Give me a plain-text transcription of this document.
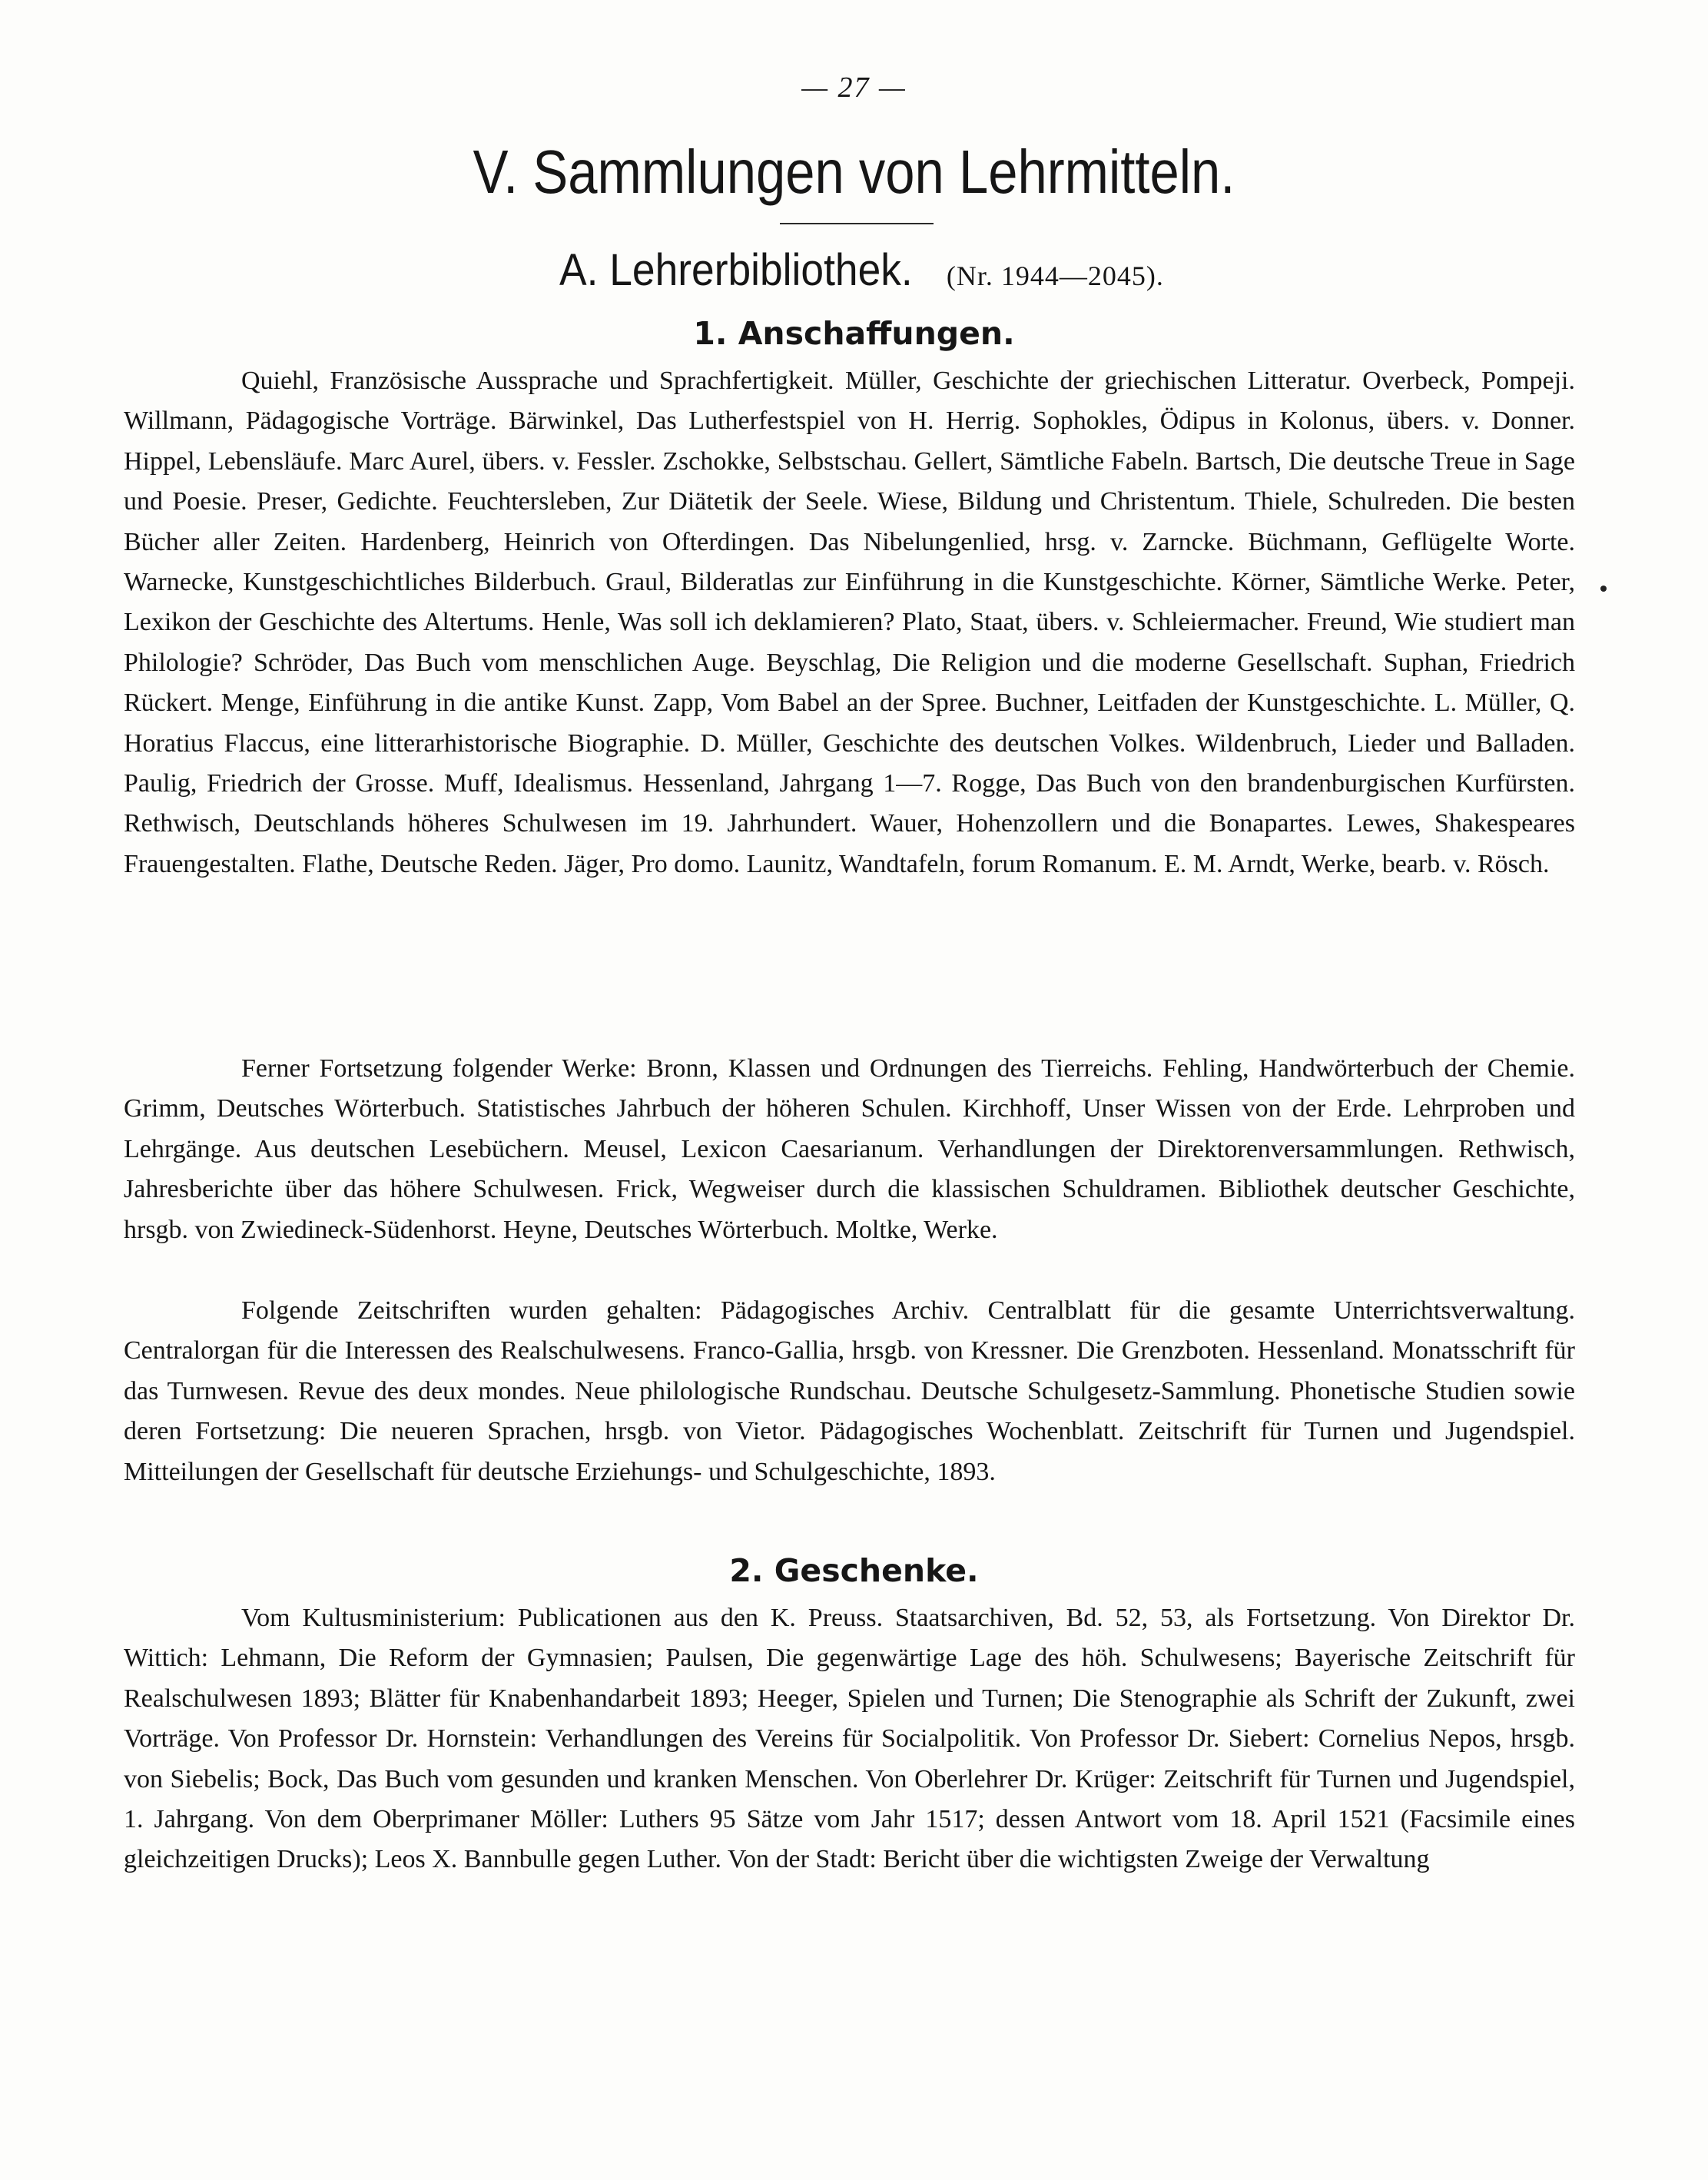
— 27 —
V. Sammlungen von Lehrmitteln.
A. Lehrerbibliothek. (Nr. 1944—2045).
1. Anschaffungen.

Quiehl, Französische Aussprache und Sprachfertigkeit. Müller, Geschichte der griechischen Litteratur. Overbeck, Pompeji. Willmann, Pädagogische Vorträge. Bärwinkel, Das Lutherfestspiel von H. Herrig. Sophokles, Ödipus in Kolonus, übers. v. Donner. Hippel, Lebensläufe. Marc Aurel, übers. v. Fessler. Zschokke, Selbstschau. Gellert, Sämtliche Fabeln. Bartsch, Die deutsche Treue in Sage und Poesie. Preser, Gedichte. Feuchtersleben, Zur Diätetik der Seele. Wiese, Bildung und Christentum. Thiele, Schulreden. Die besten Bücher aller Zeiten. Hardenberg, Heinrich von Ofterdingen. Das Nibelungenlied, hrsg. v. Zarncke. Büchmann, Geflügelte Worte. Warnecke, Kunstgeschichtliches Bilderbuch. Graul, Bilderatlas zur Einführung in die Kunstgeschichte. Körner, Sämtliche Werke. Peter, Lexikon der Geschichte des Altertums. Henle, Was soll ich deklamieren? Plato, Staat, übers. v. Schleiermacher. Freund, Wie studiert man Philologie? Schröder, Das Buch vom menschlichen Auge. Beyschlag, Die Religion und die moderne Gesellschaft. Suphan, Friedrich Rückert. Menge, Einführung in die antike Kunst. Zapp, Vom Babel an der Spree. Buchner, Leitfaden der Kunstgeschichte. L. Müller, Q. Horatius Flaccus, eine litterarhistorische Biographie. D. Müller, Geschichte des deutschen Volkes. Wildenbruch, Lieder und Balladen. Paulig, Friedrich der Grosse. Muff, Idealismus. Hessenland, Jahrgang 1—7. Rogge, Das Buch von den brandenburgischen Kurfürsten. Rethwisch, Deutschlands höheres Schulwesen im 19. Jahrhundert. Wauer, Hohenzollern und die Bonapartes. Lewes, Shakespeares Frauengestalten. Flathe, Deutsche Reden. Jäger, Pro domo. Launitz, Wandtafeln, forum Romanum. E. M. Arndt, Werke, bearb. v. Rösch.

Ferner Fortsetzung folgender Werke: Bronn, Klassen und Ordnungen des Tierreichs. Fehling, Handwörterbuch der Chemie. Grimm, Deutsches Wörterbuch. Statistisches Jahrbuch der höheren Schulen. Kirchhoff, Unser Wissen von der Erde. Lehrproben und Lehrgänge. Aus deutschen Lesebüchern. Meusel, Lexicon Caesarianum. Verhandlungen der Direktorenversammlungen. Rethwisch, Jahresberichte über das höhere Schulwesen. Frick, Wegweiser durch die klassischen Schuldramen. Bibliothek deutscher Geschichte, hrsgb. von Zwiedineck-Südenhorst. Heyne, Deutsches Wörterbuch. Moltke, Werke.

Folgende Zeitschriften wurden gehalten: Pädagogisches Archiv. Centralblatt für die gesamte Unterrichtsverwaltung. Centralorgan für die Interessen des Realschulwesens. Franco-Gallia, hrsgb. von Kressner. Die Grenzboten. Hessenland. Monatsschrift für das Turnwesen. Revue des deux mondes. Neue philologische Rundschau. Deutsche Schulgesetz-Sammlung. Phonetische Studien sowie deren Fortsetzung: Die neueren Sprachen, hrsgb. von Vietor. Pädagogisches Wochenblatt. Zeitschrift für Turnen und Jugendspiel. Mitteilungen der Gesellschaft für deutsche Erziehungs- und Schulgeschichte, 1893.

2. Geschenke.

Vom Kultusministerium: Publicationen aus den K. Preuss. Staatsarchiven, Bd. 52, 53, als Fortsetzung. Von Direktor Dr. Wittich: Lehmann, Die Reform der Gymnasien; Paulsen, Die gegenwärtige Lage des höh. Schulwesens; Bayerische Zeitschrift für Realschulwesen 1893; Blätter für Knabenhandarbeit 1893; Heeger, Spielen und Turnen; Die Stenographie als Schrift der Zukunft, zwei Vorträge. Von Professor Dr. Hornstein: Verhandlungen des Vereins für Socialpolitik. Von Professor Dr. Siebert: Cornelius Nepos, hrsgb. von Siebelis; Bock, Das Buch vom gesunden und kranken Menschen. Von Oberlehrer Dr. Krüger: Zeitschrift für Turnen und Jugendspiel, 1. Jahrgang. Von dem Oberprimaner Möller: Luthers 95 Sätze vom Jahr 1517; dessen Antwort vom 18. April 1521 (Facsimile eines gleichzeitigen Drucks); Leos X. Bannbulle gegen Luther. Von der Stadt: Bericht über die wichtigsten Zweige der Verwaltung
